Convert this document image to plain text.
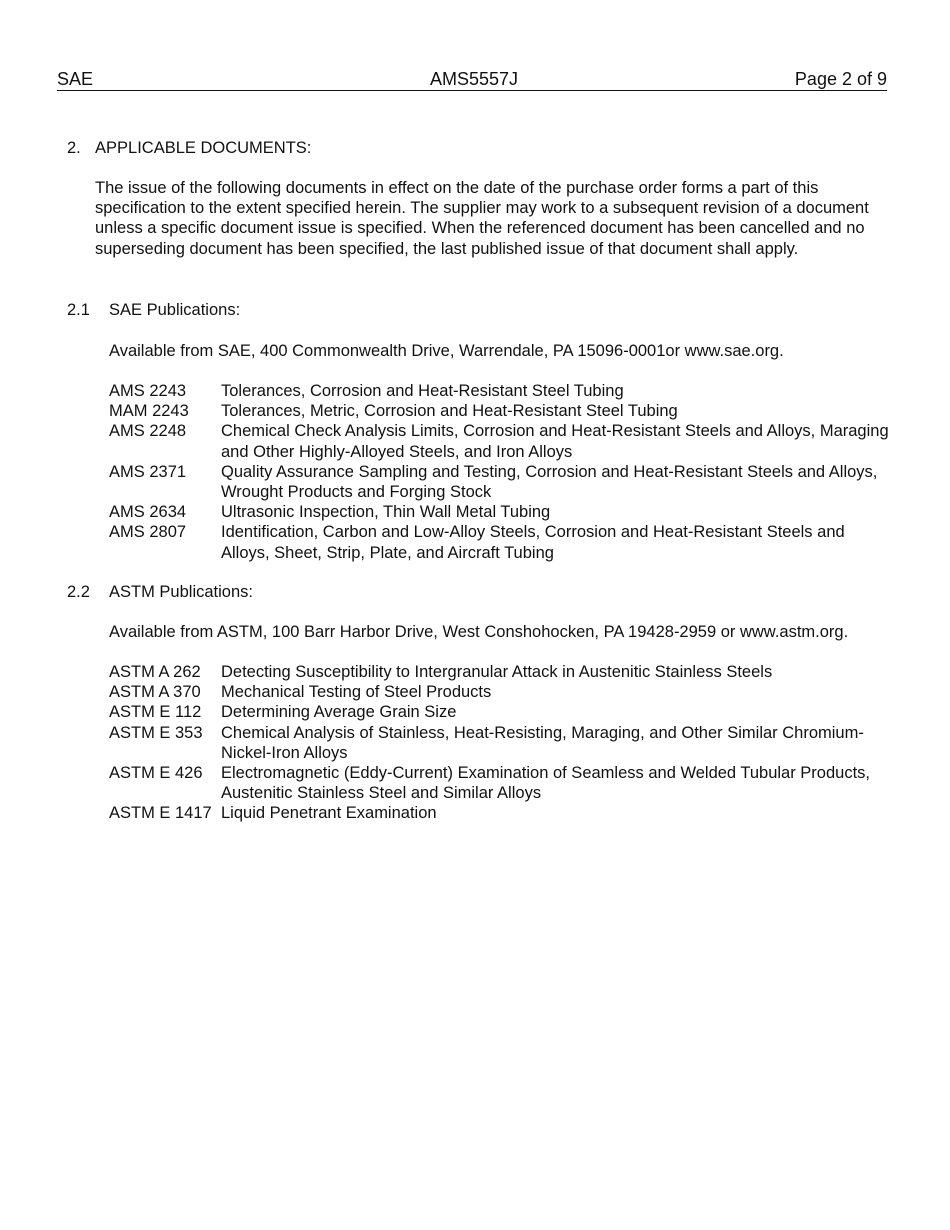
SAE	AMS5557J	Page 2 of 9
2. APPLICABLE DOCUMENTS:
The issue of the following documents in effect on the date of the purchase order forms a part of this specification to the extent specified herein. The supplier may work to a subsequent revision of a document unless a specific document issue is specified. When the referenced document has been cancelled and no superseding document has been specified, the last published issue of that document shall apply.
2.1 SAE Publications:
Available from SAE, 400 Commonwealth Drive, Warrendale, PA 15096-0001or www.sae.org.
AMS 2243	Tolerances, Corrosion and Heat-Resistant Steel Tubing
MAM 2243	Tolerances, Metric, Corrosion and Heat-Resistant Steel Tubing
AMS 2248	Chemical Check Analysis Limits, Corrosion and Heat-Resistant Steels and Alloys, Maraging and Other Highly-Alloyed Steels, and Iron Alloys
AMS 2371	Quality Assurance Sampling and Testing, Corrosion and Heat-Resistant Steels and Alloys, Wrought Products and Forging Stock
AMS 2634	Ultrasonic Inspection, Thin Wall Metal Tubing
AMS 2807	Identification, Carbon and Low-Alloy Steels, Corrosion and Heat-Resistant Steels and Alloys, Sheet, Strip, Plate, and Aircraft Tubing
2.2 ASTM Publications:
Available from ASTM, 100 Barr Harbor Drive, West Conshohocken, PA 19428-2959 or www.astm.org.
ASTM A 262	Detecting Susceptibility to Intergranular Attack in Austenitic Stainless Steels
ASTM A 370	Mechanical Testing of Steel Products
ASTM E 112	Determining Average Grain Size
ASTM E 353	Chemical Analysis of Stainless, Heat-Resisting, Maraging, and Other Similar Chromium-Nickel-Iron Alloys
ASTM E 426	Electromagnetic (Eddy-Current) Examination of Seamless and Welded Tubular Products, Austenitic Stainless Steel and Similar Alloys
ASTM E 1417 Liquid Penetrant Examination
